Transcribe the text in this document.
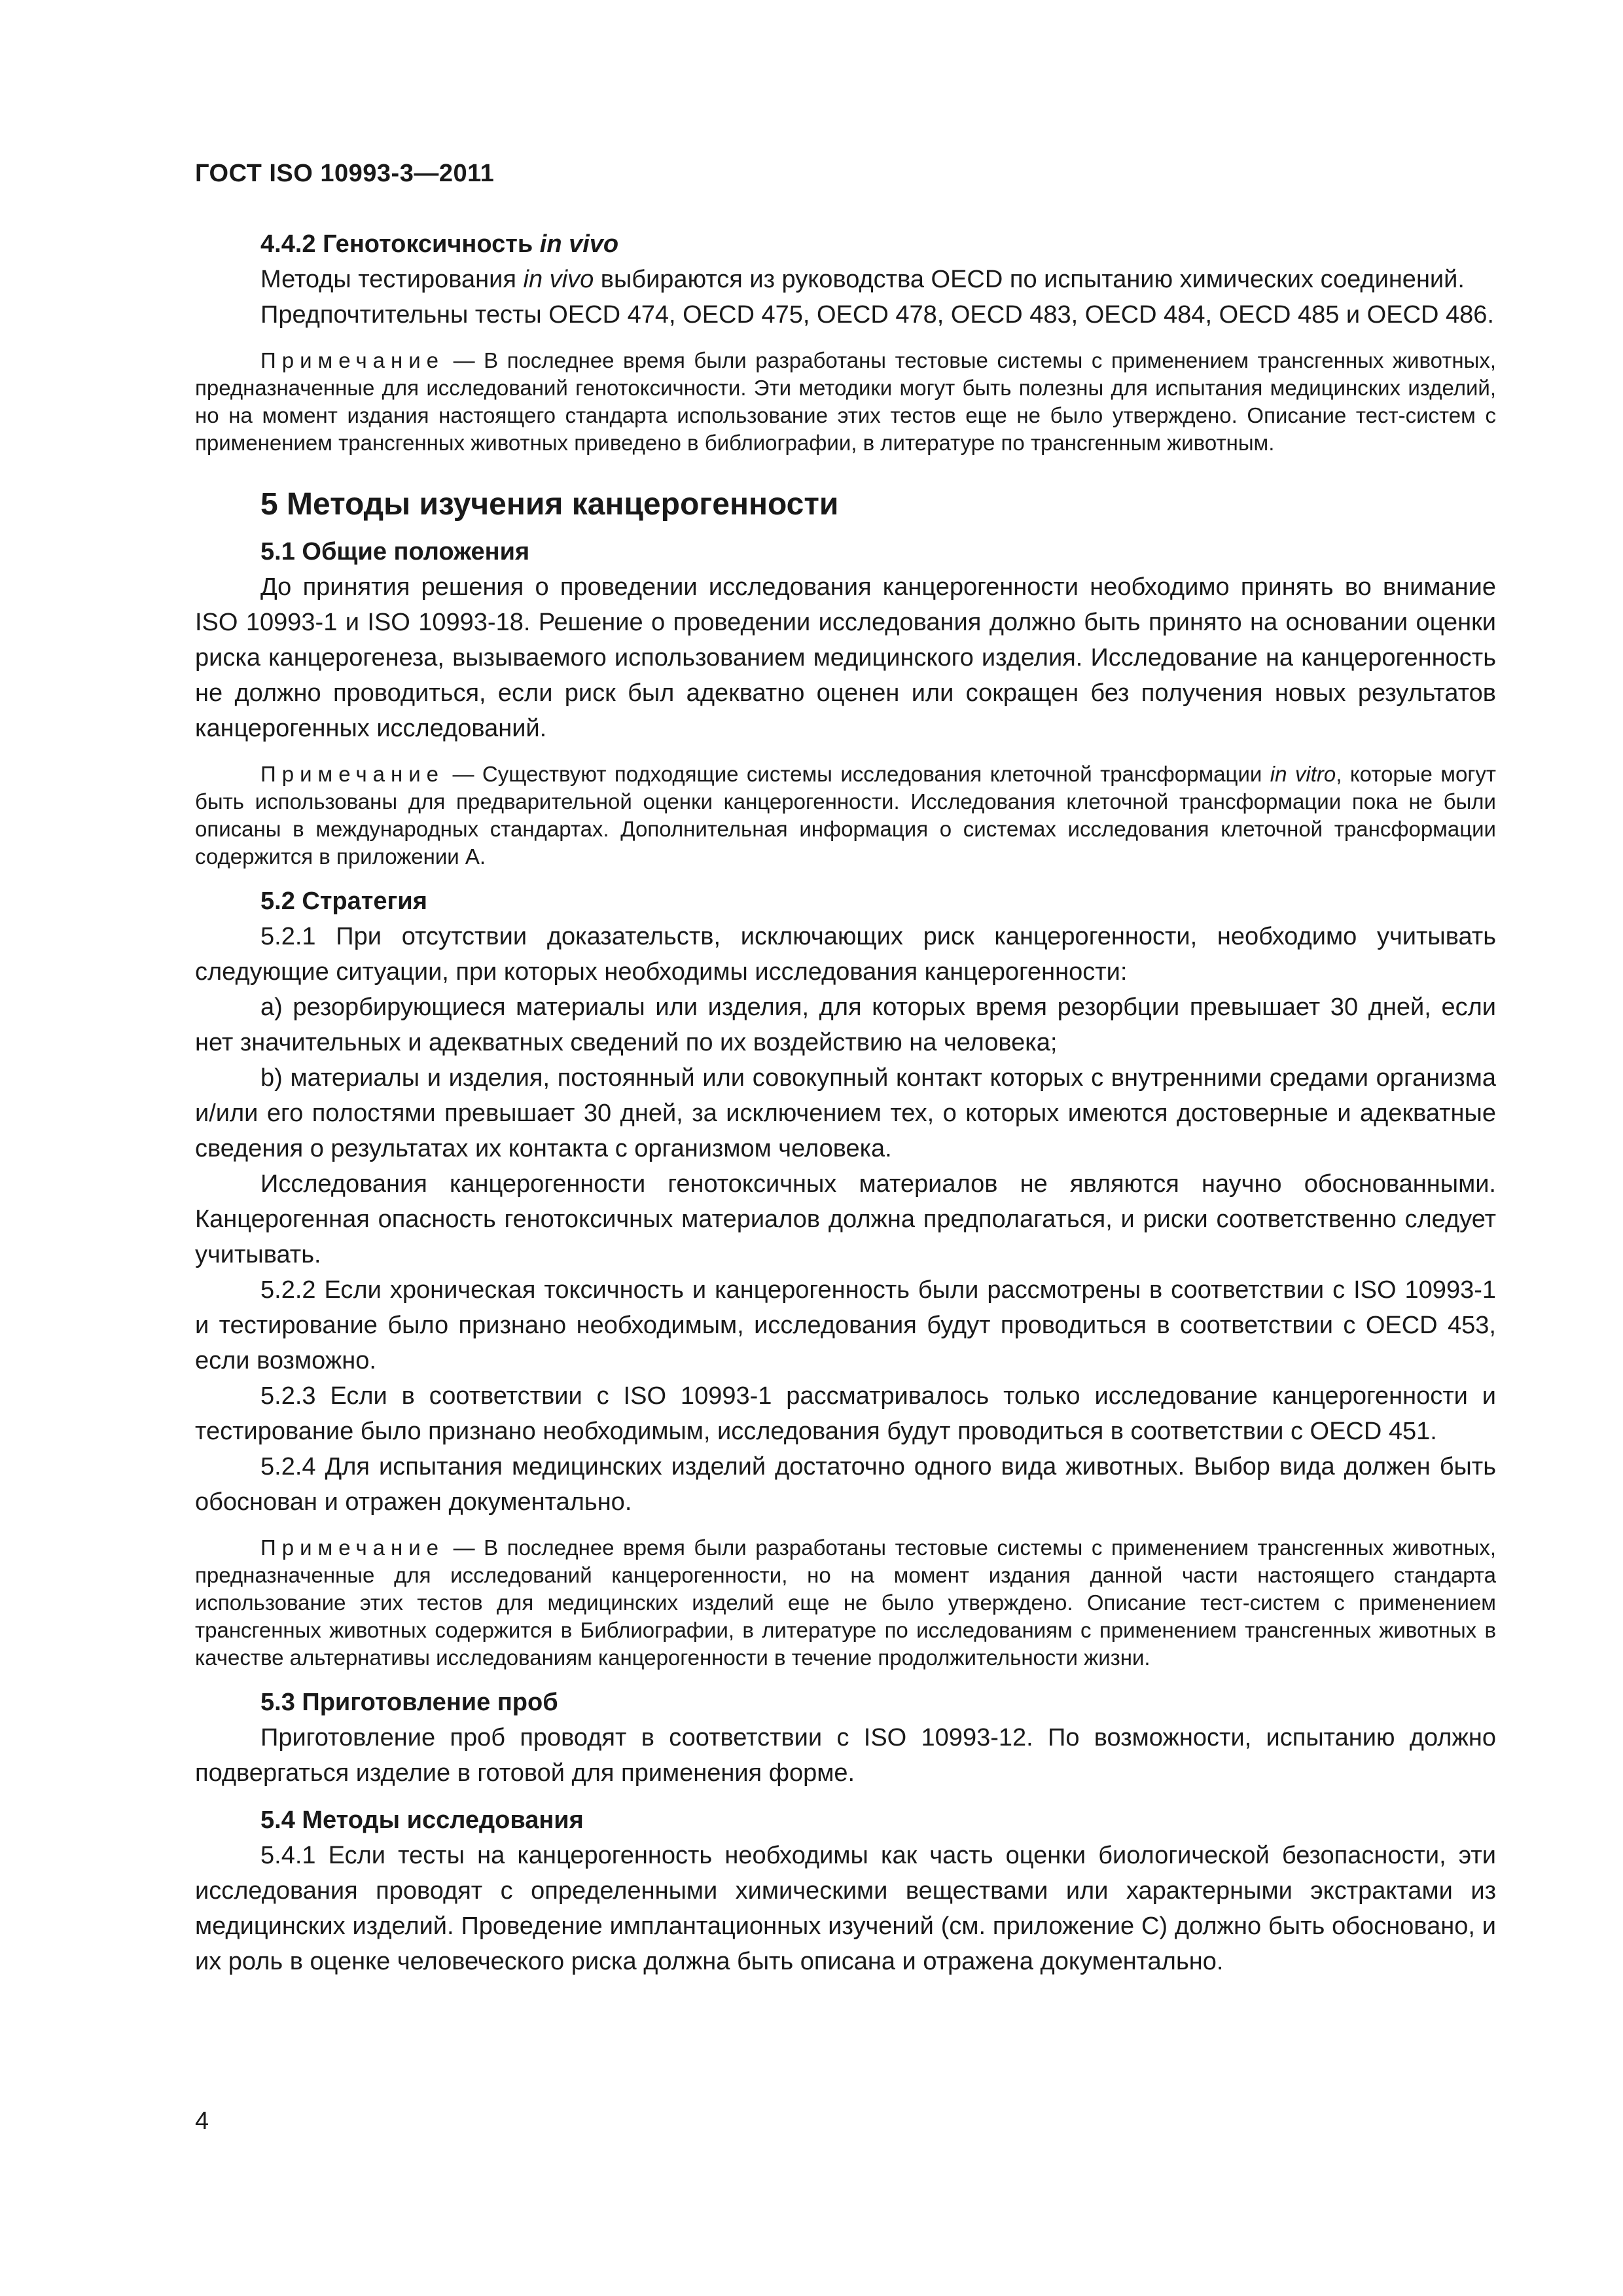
ГОСТ ISO 10993-3—2011
4.4.2 Генотоксичность in vivo

Методы тестирования in vivo выбираются из руководства OECD по испытанию химических соединений.

Предпочтительны тесты OECD 474, OECD 475, OECD 478, OECD 483, OECD 484, OECD 485 и OECD 486.

Примечание — В последнее время были разработаны тестовые системы с применением трансгенных животных, предназначенные для исследований генотоксичности. Эти методики могут быть полезны для испытания медицинских изделий, но на момент издания настоящего стандарта использование этих тестов еще не было утверждено. Описание тест-систем с применением трансгенных животных приведено в библиографии, в литературе по трансгенным животным.
5 Методы изучения канцерогенности
5.1 Общие положения

До принятия решения о проведении исследования канцерогенности необходимо принять во внимание ISO 10993-1 и ISO 10993-18. Решение о проведении исследования должно быть принято на основании оценки риска канцерогенеза, вызываемого использованием медицинского изделия. Исследование на канцерогенность не должно проводиться, если риск был адекватно оценен или сокращен без получения новых результатов канцерогенных исследований.

Примечание — Существуют подходящие системы исследования клеточной трансформации in vitro, которые могут быть использованы для предварительной оценки канцерогенности. Исследования клеточной трансформации пока не были описаны в международных стандартах. Дополнительная информация о системах исследования клеточной трансформации содержится в приложении А.
5.2 Стратегия

5.2.1 При отсутствии доказательств, исключающих риск канцерогенности, необходимо учитывать следующие ситуации, при которых необходимы исследования канцерогенности:

a) резорбирующиеся материалы или изделия, для которых время резорбции превышает 30 дней, если нет значительных и адекватных сведений по их воздействию на человека;

b) материалы и изделия, постоянный или совокупный контакт которых с внутренними средами организма и/или его полостями превышает 30 дней, за исключением тех, о которых имеются достоверные и адекватные сведения о результатах их контакта с организмом человека.

Исследования канцерогенности генотоксичных материалов не являются научно обоснованными. Канцерогенная опасность генотоксичных материалов должна предполагаться, и риски соответственно следует учитывать.

5.2.2 Если хроническая токсичность и канцерогенность были рассмотрены в соответствии с ISO 10993-1 и тестирование было признано необходимым, исследования будут проводиться в соответствии с OECD 453, если возможно.

5.2.3 Если в соответствии с ISO 10993-1 рассматривалось только исследование канцерогенности и тестирование было признано необходимым, исследования будут проводиться в соответствии с OECD 451.

5.2.4 Для испытания медицинских изделий достаточно одного вида животных. Выбор вида должен быть обоснован и отражен документально.

Примечание — В последнее время были разработаны тестовые системы с применением трансгенных животных, предназначенные для исследований канцерогенности, но на момент издания данной части настоящего стандарта использование этих тестов для медицинских изделий еще не было утверждено. Описание тест-систем с применением трансгенных животных содержится в Библиографии, в литературе по исследованиям с применением трансгенных животных в качестве альтернативы исследованиям канцерогенности в течение продолжительности жизни.
5.3 Приготовление проб

Приготовление проб проводят в соответствии с ISO 10993-12. По возможности, испытанию должно подвергаться изделие в готовой для применения форме.

5.4 Методы исследования

5.4.1 Если тесты на канцерогенность необходимы как часть оценки биологической безопасности, эти исследования проводят с определенными химическими веществами или характерными экстрактами из медицинских изделий. Проведение имплантационных изучений (см. приложение С) должно быть обосновано, и их роль в оценке человеческого риска должна быть описана и отражена документально.

4
